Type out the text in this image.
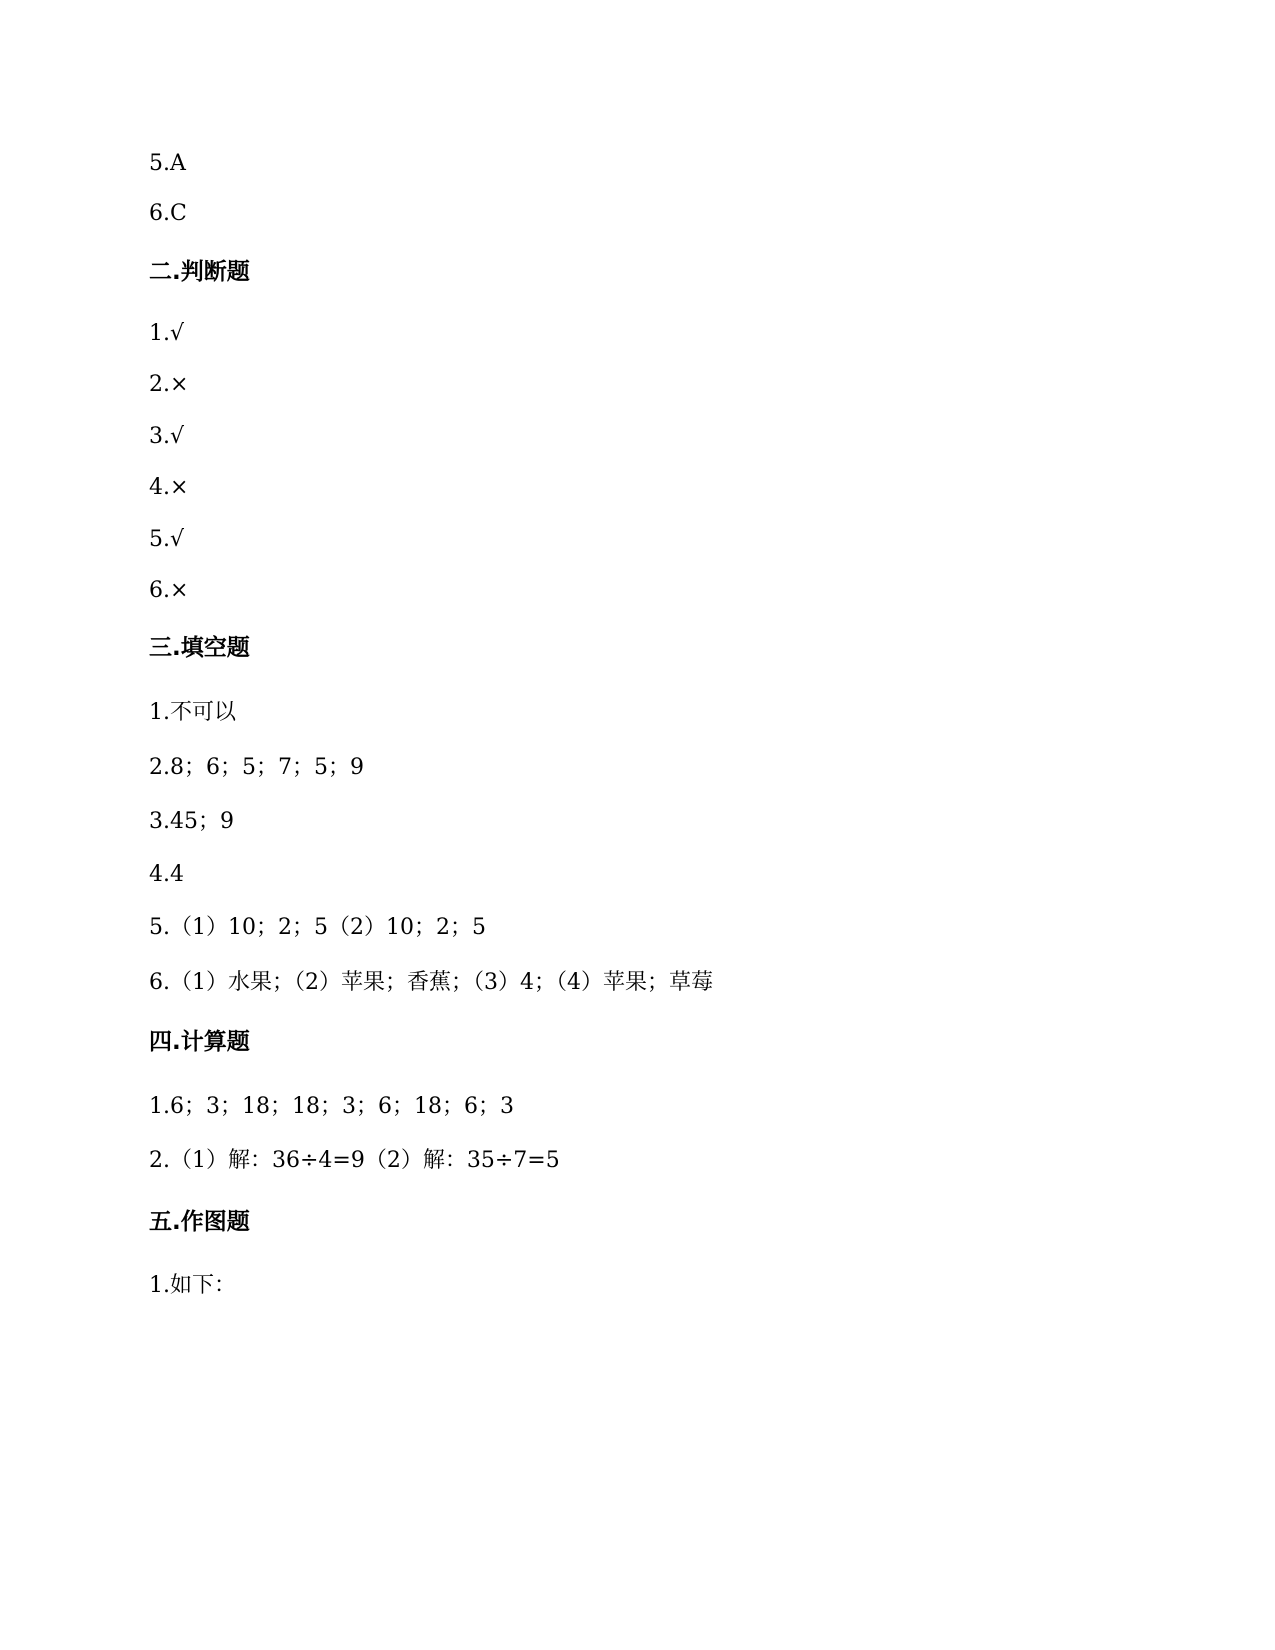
5.A
6.C
二.判断题
1.√
2.×
3.√
4.×
5.√
6.×
三.填空题
1.不可以
2.8；6；5；7；5；9
3.45；9
4.4
5.（1）10；2；5（2）10；2；5
6.（1）水果；（2）苹果；香蕉；（3）4；（4）苹果；草莓
四.计算题
1.6；3；18；18；3；6；18；6；3
2.（1）解：36÷4=9（2）解：35÷7=5
五.作图题
1.如下：
